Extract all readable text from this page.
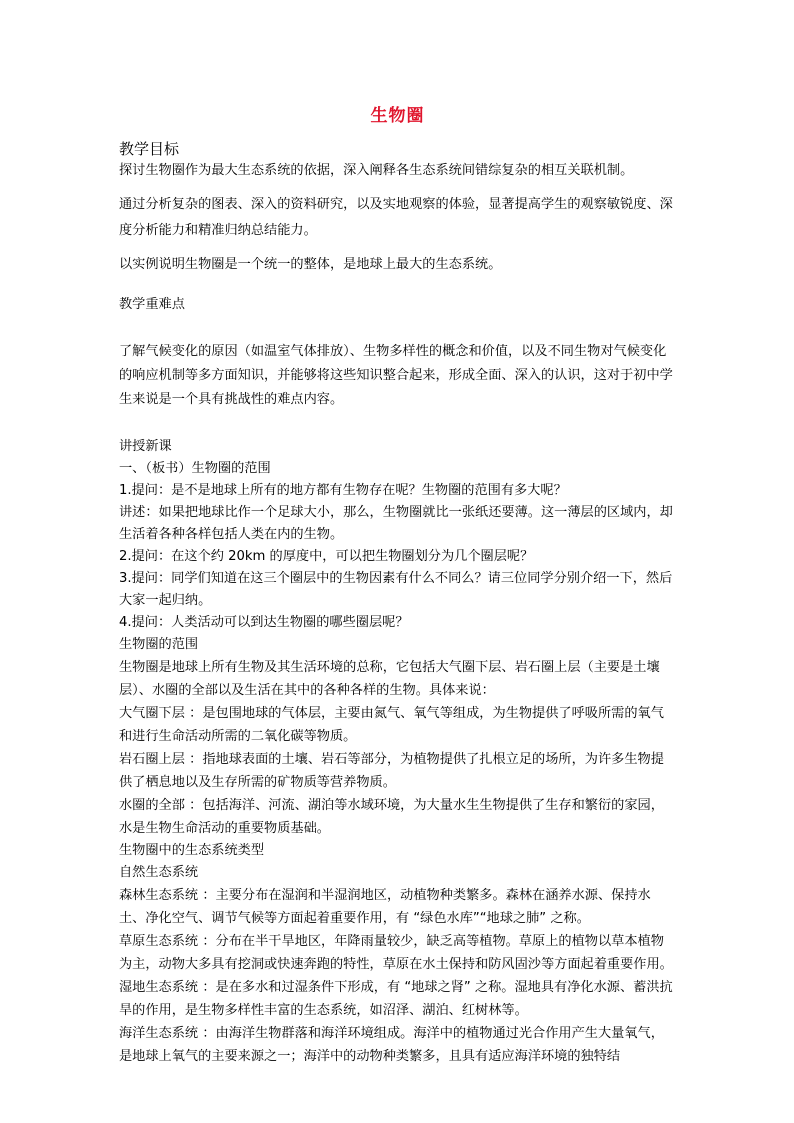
生物圈
教学目标
探讨生物圈作为最大生态系统的依据，深入阐释各生态系统间错综复杂的相互关联机制。
通过分析复杂的图表、深入的资料研究，以及实地观察的体验，显著提高学生的观察敏锐度、深度分析能力和精准归纳总结能力。
以实例说明生物圈是一个统一的整体，是地球上最大的生态系统。
教学重难点
了解气候变化的原因（如温室气体排放）、生物多样性的概念和价值，以及不同生物对气候变化的响应机制等多方面知识，并能够将这些知识整合起来，形成全面、深入的认识，这对于初中学生来说是一个具有挑战性的难点内容。
讲授新课
一、（板书）生物圈的范围
1.提问：是不是地球上所有的地方都有生物存在呢？生物圈的范围有多大呢？
讲述：如果把地球比作一个足球大小，那么，生物圈就比一张纸还要薄。这一薄层的区域内，却生活着各种各样包括人类在内的生物。
2.提问：在这个约 20km 的厚度中，可以把生物圈划分为几个圈层呢？
3.提问：同学们知道在这三个圈层中的生物因素有什么不同么？请三位同学分别介绍一下，然后大家一起归纳。
4.提问：人类活动可以到达生物圈的哪些圈层呢？
生物圈的范围
生物圈是地球上所有生物及其生活环境的总称，它包括大气圈下层、岩石圈上层（主要是土壤层）、水圈的全部以及生活在其中的各种各样的生物。具体来说：
大气圈下层 ：是包围地球的气体层，主要由氮气、氧气等组成，为生物提供了呼吸所需的氧气和进行生命活动所需的二氧化碳等物质。
岩石圈上层 ：指地球表面的土壤、岩石等部分，为植物提供了扎根立足的场所，为许多生物提供了栖息地以及生存所需的矿物质等营养物质。
水圈的全部 ：包括海洋、河流、湖泊等水域环境，为大量水生生物提供了生存和繁衍的家园，水是生物生命活动的重要物质基础。
生物圈中的生态系统类型
自然生态系统
森林生态系统 ：主要分布在湿润和半湿润地区，动植物种类繁多。森林在涵养水源、保持水土、净化空气、调节气候等方面起着重要作用，有 “绿色水库”“地球之肺” 之称。
草原生态系统 ：分布在半干旱地区，年降雨量较少，缺乏高等植物。草原上的植物以草本植物为主，动物大多具有挖洞或快速奔跑的特性，草原在水土保持和防风固沙等方面起着重要作用。
湿地生态系统 ：是在多水和过湿条件下形成，有 “地球之肾” 之称。湿地具有净化水源、蓄洪抗旱的作用，是生物多样性丰富的生态系统，如沼泽、湖泊、红树林等。
海洋生态系统 ：由海洋生物群落和海洋环境组成。海洋中的植物通过光合作用产生大量氧气，是地球上氧气的主要来源之一；海洋中的动物种类繁多，且具有适应海洋环境的独特结
